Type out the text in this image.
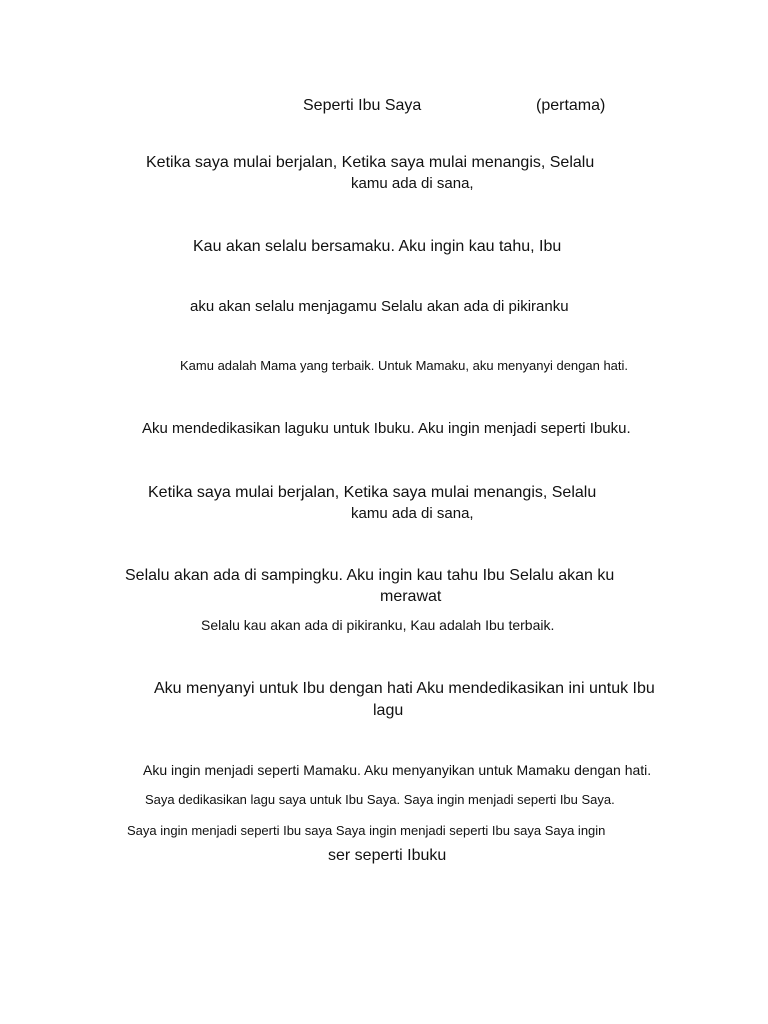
Seperti Ibu Saya	(pertama)
Ketika saya mulai berjalan, Ketika saya mulai menangis, Selalu
kamu ada di sana,
Kau akan selalu bersamaku. Aku ingin kau tahu, Ibu
aku akan selalu menjagamu Selalu akan ada di pikiranku
Kamu adalah Mama yang terbaik. Untuk Mamaku, aku menyanyi dengan hati.
Aku mendedikasikan laguku untuk Ibuku. Aku ingin menjadi seperti Ibuku.
Ketika saya mulai berjalan, Ketika saya mulai menangis, Selalu
kamu ada di sana,
Selalu akan ada di sampingku. Aku ingin kau tahu Ibu Selalu akan ku
merawat
Selalu kau akan ada di pikiranku, Kau adalah Ibu terbaik.
Aku menyanyi untuk Ibu dengan hati Aku mendedikasikan ini untuk Ibu
lagu
Aku ingin menjadi seperti Mamaku. Aku menyanyikan untuk Mamaku dengan hati.
Saya dedikasikan lagu saya untuk Ibu Saya. Saya ingin menjadi seperti Ibu Saya.
Saya ingin menjadi seperti Ibu saya Saya ingin menjadi seperti Ibu saya Saya ingin
ser seperti Ibuku
